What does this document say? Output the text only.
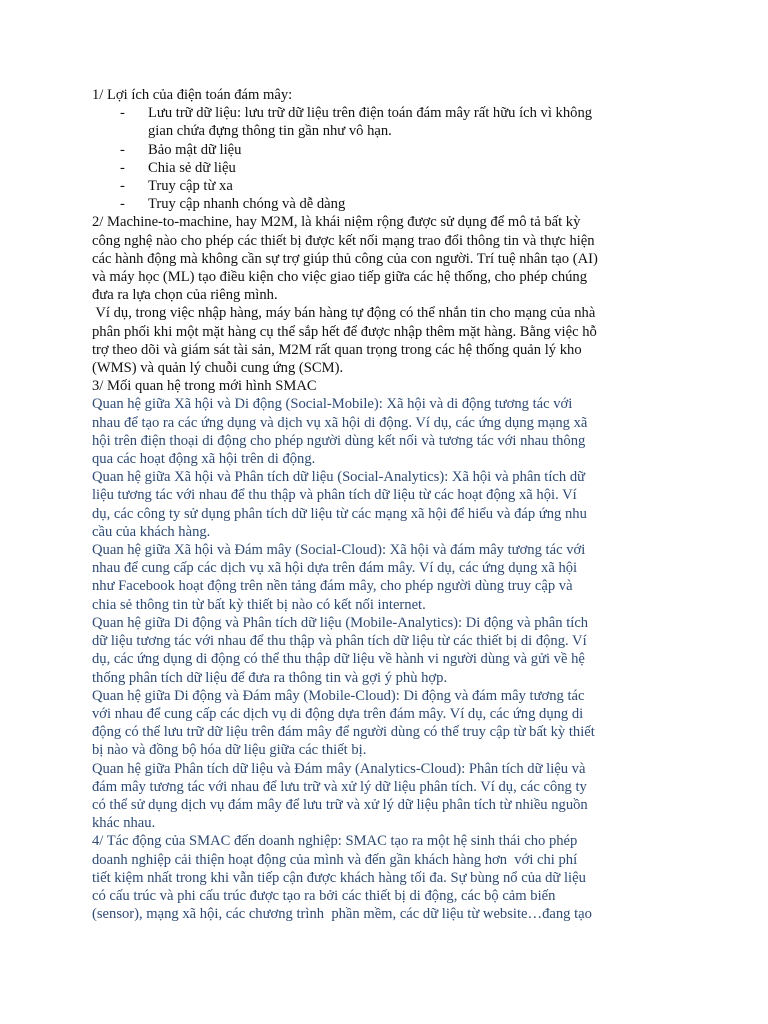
1/ Lợi ích của điện toán đám mây:
-	Lưu trữ dữ liệu: lưu trữ dữ liệu trên điện toán đám mây rất hữu ích vì không
gian chứa đựng thông tin gần như vô hạn.
-	Bảo mật dữ liệu
-	Chia sẻ dữ liệu
-	Truy cập từ xa
-	Truy cập nhanh chóng và dễ dàng
2/ Machine-to-machine, hay M2M, là khái niệm rộng được sử dụng để mô tả bất kỳ
công nghệ nào cho phép các thiết bị được kết nối mạng trao đổi thông tin và thực hiện
các hành động mà không cần sự trợ giúp thủ công của con người. Trí tuệ nhân tạo (AI)
và máy học (ML) tạo điều kiện cho việc giao tiếp giữa các hệ thống, cho phép chúng
đưa ra lựa chọn của riêng mình.
Ví dụ, trong việc nhập hàng, máy bán hàng tự động có thể nhắn tin cho mạng của nhà
phân phối khi một mặt hàng cụ thể sắp hết để được nhập thêm mặt hàng. Bằng việc hỗ
trợ theo dõi và giám sát tài sản, M2M rất quan trọng trong các hệ thống quản lý kho
(WMS) và quản lý chuỗi cung ứng (SCM).
3/ Mối quan hệ trong mới hình SMAC
Quan hệ giữa Xã hội và Di động (Social-Mobile): Xã hội và di động tương tác với
nhau để tạo ra các ứng dụng và dịch vụ xã hội di động. Ví dụ, các ứng dụng mạng xã
hội trên điện thoại di động cho phép người dùng kết nối và tương tác với nhau thông
qua các hoạt động xã hội trên di động.
Quan hệ giữa Xã hội và Phân tích dữ liệu (Social-Analytics): Xã hội và phân tích dữ
liệu tương tác với nhau để thu thập và phân tích dữ liệu từ các hoạt động xã hội. Ví
dụ, các công ty sử dụng phân tích dữ liệu từ các mạng xã hội để hiểu và đáp ứng nhu
cầu của khách hàng.
Quan hệ giữa Xã hội và Đám mây (Social-Cloud): Xã hội và đám mây tương tác với
nhau để cung cấp các dịch vụ xã hội dựa trên đám mây. Ví dụ, các ứng dụng xã hội
như Facebook hoạt động trên nền tảng đám mây, cho phép người dùng truy cập và
chia sẻ thông tin từ bất kỳ thiết bị nào có kết nối internet.
Quan hệ giữa Di động và Phân tích dữ liệu (Mobile-Analytics): Di động và phân tích
dữ liệu tương tác với nhau để thu thập và phân tích dữ liệu từ các thiết bị di động. Ví
dụ, các ứng dụng di động có thể thu thập dữ liệu về hành vi người dùng và gửi về hệ
thống phân tích dữ liệu để đưa ra thông tin và gợi ý phù hợp.
Quan hệ giữa Di động và Đám mây (Mobile-Cloud): Di động và đám mây tương tác
với nhau để cung cấp các dịch vụ di động dựa trên đám mây. Ví dụ, các ứng dụng di
động có thể lưu trữ dữ liệu trên đám mây để người dùng có thể truy cập từ bất kỳ thiết
bị nào và đồng bộ hóa dữ liệu giữa các thiết bị.
Quan hệ giữa Phân tích dữ liệu và Đám mây (Analytics-Cloud): Phân tích dữ liệu và
đám mây tương tác với nhau để lưu trữ và xử lý dữ liệu phân tích. Ví dụ, các công ty
có thể sử dụng dịch vụ đám mây để lưu trữ và xử lý dữ liệu phân tích từ nhiều nguồn
khác nhau.
4/ Tác động của SMAC đến doanh nghiệp: SMAC tạo ra một hệ sinh thái cho phép
doanh nghiệp cải thiện hoạt động của mình và đến gần khách hàng hơn  với chi phí
tiết kiệm nhất trong khi vẫn tiếp cận được khách hàng tối đa. Sự bùng nổ của dữ liệu
có cấu trúc và phi cấu trúc được tạo ra bởi các thiết bị di động, các bộ cảm biến
(sensor), mạng xã hội, các chương trình  phần mềm, các dữ liệu từ website…đang tạo
